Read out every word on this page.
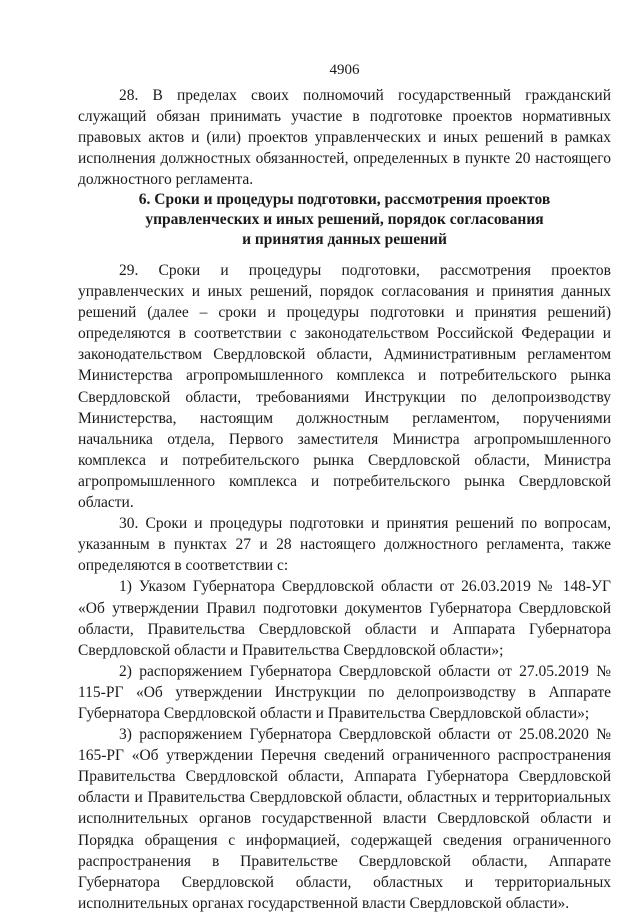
4906

28. В пределах своих полномочий государственный гражданский служащий обязан принимать участие в подготовке проектов нормативных правовых актов и (или) проектов управленческих и иных решений в рамках исполнения должностных обязанностей, определенных в пункте 20 настоящего должностного регламента.

6. Сроки и процедуры подготовки, рассмотрения проектов
управленческих и иных решений, порядок согласования
и принятия данных решений

29. Сроки и процедуры подготовки, рассмотрения проектов управленческих и иных решений, порядок согласования и принятия данных решений (далее – сроки и процедуры подготовки и принятия решений) определяются в соответствии с законодательством Российской Федерации и законодательством Свердловской области, Административным регламентом Министерства агропромышленного комплекса и потребительского рынка Свердловской области, требованиями Инструкции по делопроизводству Министерства, настоящим должностным регламентом, поручениями начальника отдела, Первого заместителя Министра агропромышленного комплекса и потребительского рынка Свердловской области, Министра агропромышленного комплекса и потребительского рынка Свердловской области.

30. Сроки и процедуры подготовки и принятия решений по вопросам, указанным в пунктах 27 и 28 настоящего должностного регламента, также определяются в соответствии с:

1) Указом Губернатора Свердловской области от 26.03.2019 № 148-УГ «Об утверждении Правил подготовки документов Губернатора Свердловской области, Правительства Свердловской области и Аппарата Губернатора Свердловской области и Правительства Свердловской области»;

2) распоряжением Губернатора Свердловской области от 27.05.2019 № 115-РГ «Об утверждении Инструкции по делопроизводству в Аппарате Губернатора Свердловской области и Правительства Свердловской области»;

3) распоряжением Губернатора Свердловской области от 25.08.2020 № 165-РГ «Об утверждении Перечня сведений ограниченного распространения Правительства Свердловской области, Аппарата Губернатора Свердловской области и Правительства Свердловской области, областных и территориальных исполнительных органов государственной власти Свердловской области и Порядка обращения с информацией, содержащей сведения ограниченного распространения в Правительстве Свердловской области, Аппарате Губернатора Свердловской области, областных и территориальных исполнительных органах государственной власти Свердловской области».
